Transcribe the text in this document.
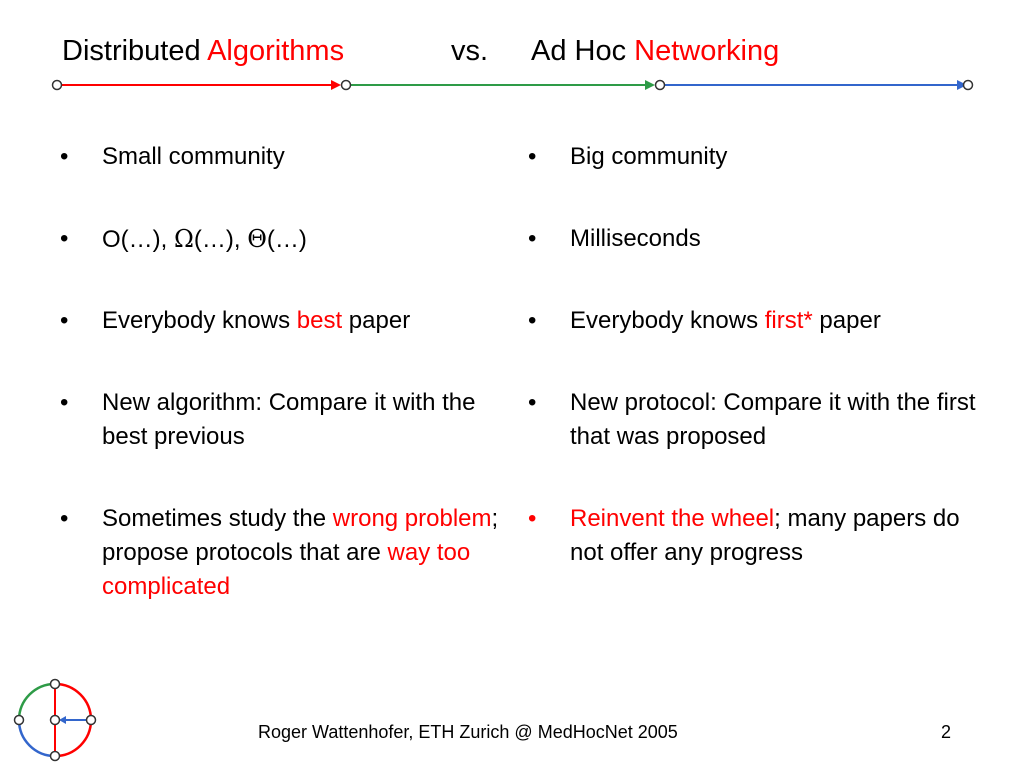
Distributed Algorithms	vs. Ad Hoc Networking
•	Small community
•	O(…), Ω(…), Θ(…)
•	Everybody knows best paper
•	New algorithm: Compare it with the best previous
•	Sometimes study the wrong problem; propose protocols that are way too complicated
•	Big community
•	Milliseconds
•	Everybody knows first* paper
•	New protocol: Compare it with the first that was proposed
•	Reinvent the wheel; many papers do not offer any progress
Roger Wattenhofer, ETH Zurich @ MedHocNet 2005	2
